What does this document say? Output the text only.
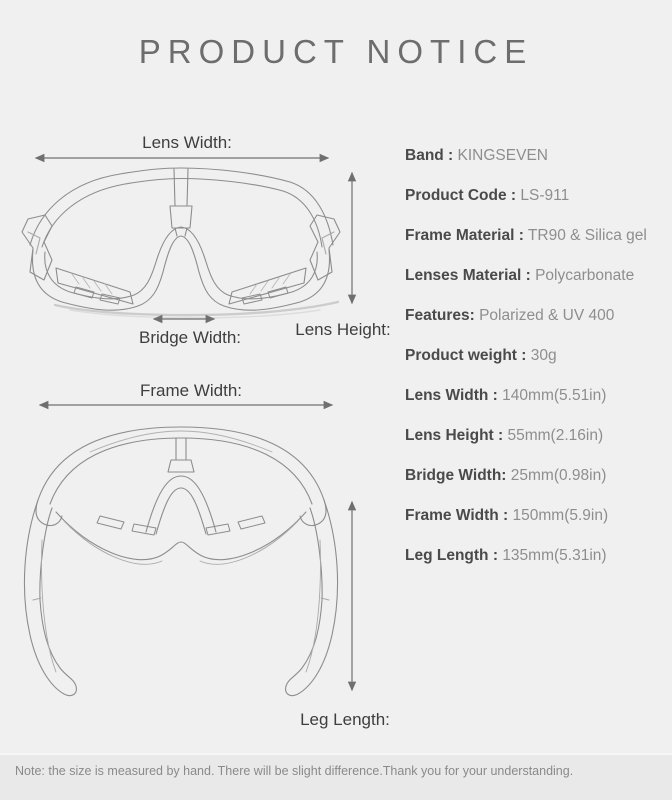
PRODUCT NOTICE
Lens Width:
Bridge Width:	Lens Height:
Frame Width:
Leg Length:
Band : KINGSEVEN
Product Code : LS-911
Frame Material : TR90 & Silica gel
Lenses Material : Polycarbonate
Features: Polarized & UV 400
Product weight : 30g
Lens Width : 140mm(5.51in)
Lens Height : 55mm(2.16in)
Bridge Width: 25mm(0.98in)
Frame Width : 150mm(5.9in)
Leg Length : 135mm(5.31in)
Note: the size is measured by hand. There will be slight difference.Thank you for your understanding.
